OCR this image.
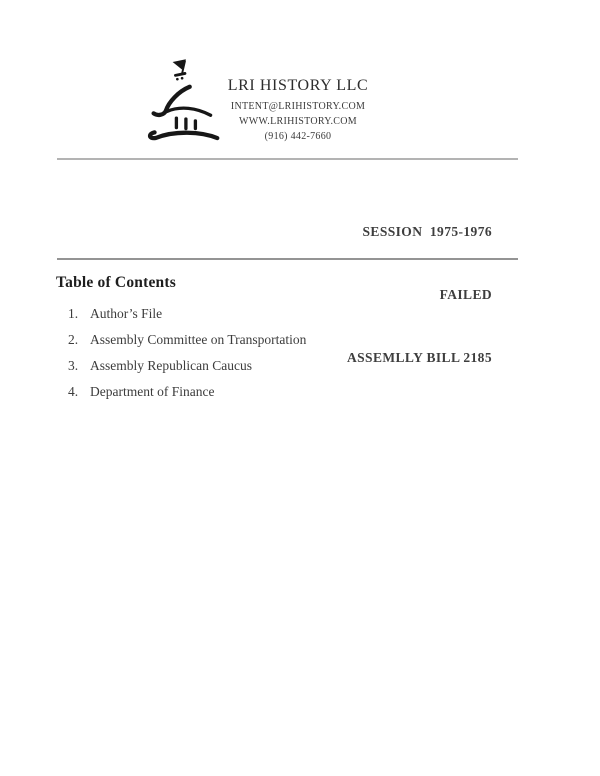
LRI HISTORY LLC
INTENT@LRIHISTORY.COM
WWW.LRIHISTORY.COM
(916) 442-7660

SESSION  1975-1976

FAILED

ASSEMLLY BILL 2185

Table of Contents
1. Author’s File
2. Assembly Committee on Transportation
3. Assembly Republican Caucus
4. Department of Finance
